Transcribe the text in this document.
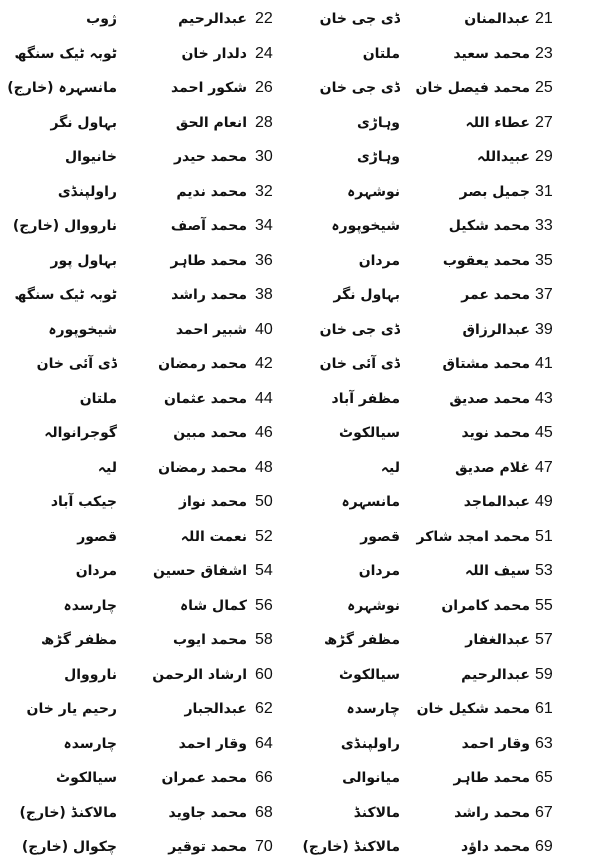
21
عبدالمنان
ڈی جی خان
22
عبدالرحیم
ژوب
23
محمد سعید
ملتان
24
دلدار خان
ٹوبہ ٹیک سنگھ
25
محمد فیصل خان
ڈی جی خان
26
شکور احمد
مانسہرہ (خارج)
27
عطاء اللہ
وہاڑی
28
انعام الحق
بہاول نگر
29
عبیداللہ
وہاڑی
30
محمد حیدر
خانیوال
31
جمیل بصر
نوشہرہ
32
محمد ندیم
راولپنڈی
33
محمد شکیل
شیخوپورہ
34
محمد آصف
نارووال (خارج)
35
محمد یعقوب
مردان
36
محمد طاہر
بہاول پور
37
محمد عمر
بہاول نگر
38
محمد راشد
ٹوبہ ٹیک سنگھ
39
عبدالرزاق
ڈی جی خان
40
شبیر احمد
شیخوپورہ
41
محمد مشتاق
ڈی آئی خان
42
محمد رمضان
ڈی آئی خان
43
محمد صدیق
مظفر آباد
44
محمد عثمان
ملتان
45
محمد نوید
سیالکوٹ
46
محمد مبین
گوجرانوالہ
47
غلام صدیق
لیہ
48
محمد رمضان
لیہ
49
عبدالماجد
مانسہرہ
50
محمد نواز
جیکب آباد
51
محمد امجد شاکر
قصور
52
نعمت اللہ
قصور
53
سیف اللہ
مردان
54
اشفاق حسین
مردان
55
محمد کامران
نوشہرہ
56
کمال شاہ
چارسدہ
57
عبدالغفار
مظفر گڑھ
58
محمد ایوب
مظفر گڑھ
59
عبدالرحیم
سیالکوٹ
60
ارشاد الرحمن
نارووال
61
محمد شکیل خان
چارسدہ
62
عبدالجبار
رحیم یار خان
63
وقار احمد
راولپنڈی
64
وقار احمد
چارسدہ
65
محمد طاہر
میانوالی
66
محمد عمران
سیالکوٹ
67
محمد راشد
مالاکنڈ
68
محمد جاوید
مالاکنڈ (خارج)
69
محمد داؤد
مالاکنڈ (خارج)
70
محمد توقیر
چکوال (خارج)
